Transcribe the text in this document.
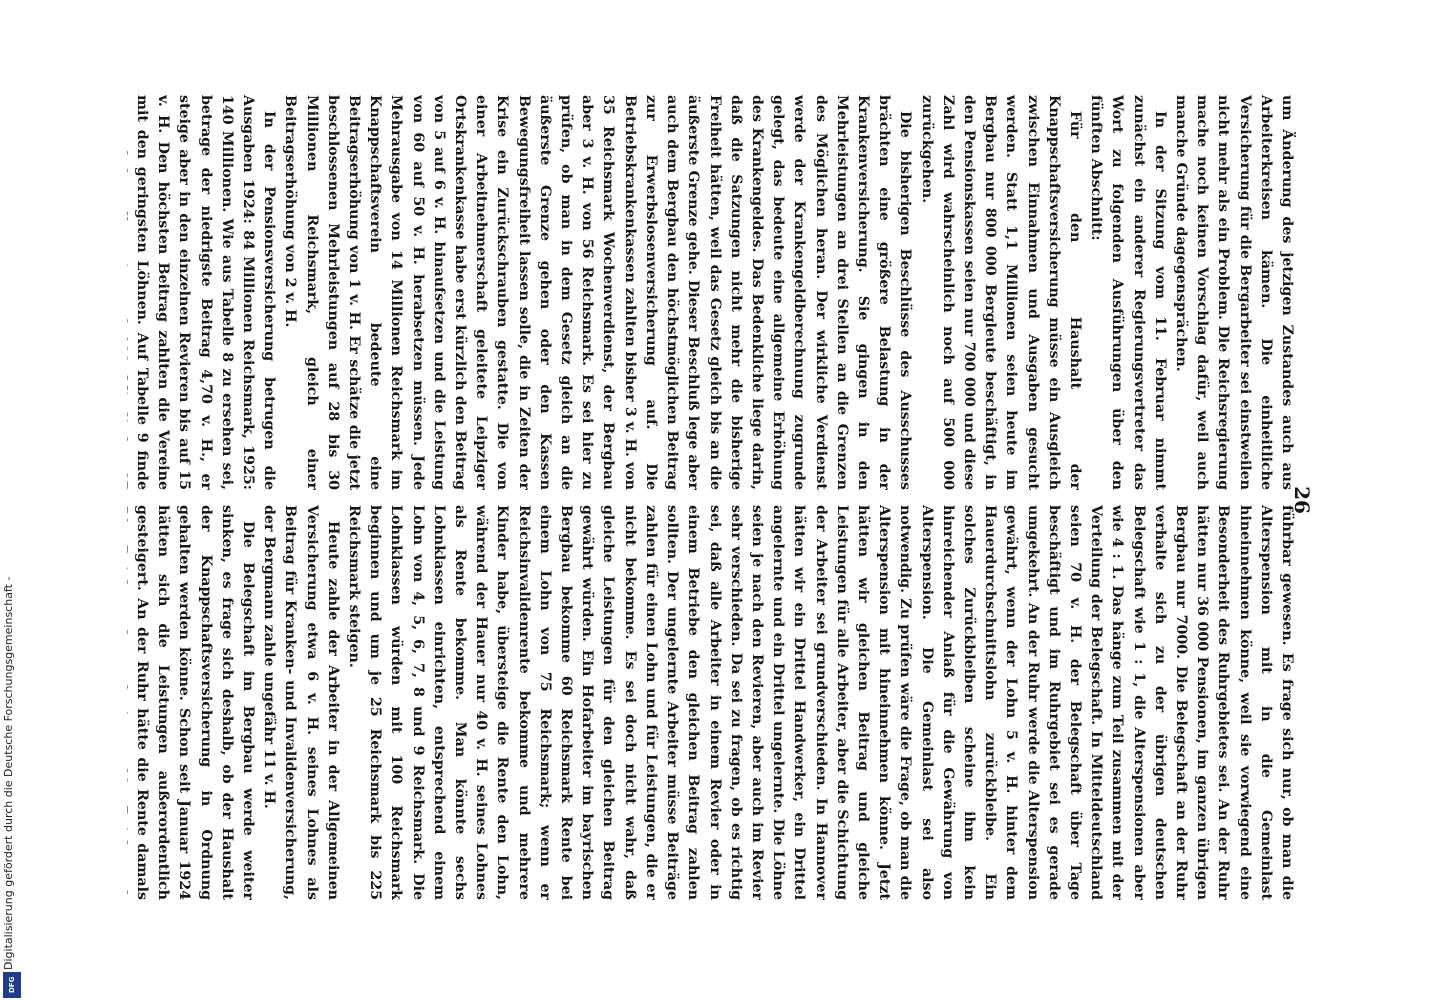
26

um Änderung des jetzigen Zustandes auch aus Arbeiterkreisen kämen. Die einheitliche Versicherung für die Bergarbeiter sei einstweilen nicht mehr als ein Problem. Die Reichsregierung mache noch keinen Vorschlag dafür, weil auch manche Gründe dagegensprächen.

In der Sitzung vom 11. Februar nimmt zunächst ein anderer Regierungsvertreter das Wort zu folgenden Ausführungen über den fünften Abschnitt:

Für den Haushalt der Knappschaftsversicherung müsse ein Ausgleich zwischen Einnahmen und Ausgaben gesucht werden. Statt 1,1 Millionen seien heute im Bergbau nur 800 000 Bergleute beschäftigt, in den Pensionskassen seien nur 700 000 und diese Zahl wird wahrscheinlich noch auf 500 000 zurückgehen.

Die bisherigen Beschlüsse des Ausschusses brächten eine größere Belastung in der Krankenversicherung. Sie gingen in den Mehrleistungen an drei Stellen an die Grenzen des Möglichen heran. Der wirkliche Verdienst werde der Krankengeldberechnung zugrunde gelegt, das bedeute eine allgemeine Erhöhung des Krankengeldes. Das Bedenkliche liege darin, daß die Satzungen nicht mehr die bisherige Freiheit hätten, weil das Gesetz gleich bis an die äußerste Grenze gehe. Dieser Beschluß lege aber auch dem Bergbau den höchstmöglichen Beitrag zur Erwerbslosenversicherung auf. Die Betriebskrankenkassen zahlten bisher 3 v. H. von 35 Reichsmark Wochenverdienst, der Bergbau aber 3 v. H. von 56 Reichsmark. Es sei hier zu prüfen, ob man in dem Gesetz gleich an die äußerste Grenze gehen oder den Kassen Bewegungsfreiheit lassen solle, die in Zeiten der Krise ein Zurückschrauben gestatte. Die von einer Arbeitnehmerschaft geleitete Leipziger Ortskrankenkasse habe erst kürzlich den Beitrag von 5 auf 6 v. H. hinaufsetzen und die Leistung von 60 auf 50 v. H. herabsetzen müssen. Jede Mehrausgabe von 14 Millionen Reichsmark im Knappschaftsverein bedeute eine Beitragserhöhung von 1 v. H. Er schätze die jetzt beschlossenen Mehrleistungen auf 28 bis 30 Millionen Reichsmark, gleich einer Beitragserhöhung von 2 v. H.

In der Pensionsversicherung betrugen die Ausgaben 1924: 84 Millionen Reichsmark, 1925: 140 Millionen. Wie aus Tabelle 8 zu ersehen sei, betrage der niedrigste Beitrag 4,70 v. H., er steige aber in den einzelnen Revieren bis auf 15 v. H. Den höchsten Beitrag zahlten die Vereine mit den geringsten Löhnen. Auf Tabelle 9 finde

führbar gewesen. Es frage sich nur, ob man die Alterspension mit in die Gemeinlast hineinnehmen könne, weil sie vorwiegend eine Besonderheit des Ruhrgebietes sei. An der Ruhr hätten nur 36 000 Pensionen, im ganzen übrigen Bergbau nur 7000. Die Belegschaft an der Ruhr verhalte sich zu der übrigen deutschen Belegschaft wie 1 : 1, die Alterspensionen aber wie 4 : 1. Das hänge zum Teil zusammen mit der Verteilung der Belegschaft. In Mitteldeutschland seien 70 v. H. der Belegschaft über Tage beschäftigt und im Ruhrgebiet sei es gerade umgekehrt. An der Ruhr werde die Alterspension gewährt, wenn der Lohn 5 v. H. hinter dem Hauerdurchschnittslohn zurückbleibe. Ein solches Zurückbleiben scheine ihm kein hinreichender Anlaß für die Gewährung von Alterspension. Die Gemeinlast sei also notwendig. Zu prüfen wäre die Frage, ob man die Alterspension mit hineinnehmen könne. Jetzt hätten wir gleichen Beitrag und gleiche Leistungen für alle Arbeiter, aber die Schichtung der Arbeiter sei grundverschieden. In Hannover hätten wir ein Drittel Handwerker, ein Drittel angelernte und ein Drittel ungelernte. Die Löhne seien je nach den Revieren, aber auch im Revier sehr verschieden. Da sei zu fragen, ob es richtig sei, daß alle Arbeiter in einem Revier oder in einem Betriebe den gleichen Beitrag zahlen sollten. Der ungelernte Arbeiter müsse Beiträge zahlen für einen Lohn und für Leistungen, die er nicht bekomme. Es sei doch nicht wahr, daß gleiche Leistungen für den gleichen Beitrag gewährt würden. Ein Hofarbeiter im bayrischen Bergbau bekomme 60 Reichsmark Rente bei einem Lohn von 75 Reichsmark; wenn er Reichsinvalidenrente bekomme und mehrere Kinder habe, übersteige die Rente den Lohn, während der Hauer nur 40 v. H. seines Lohnes als Rente bekomme. Man könnte sechs Lohnklassen einrichten, entsprechend einem Lohn von 4, 5, 6, 7, 8 und 9 Reichsmark. Die Lohnklassen würden mit 100 Reichsmark beginnen und um je 25 Reichsmark bis 225 Reichsmark steigen.

Heute zahle der Arbeiter in der Allgemeinen Versicherung etwa 6 v. H. seines Lohnes als Beitrag für Kranken- und Invalidenversicherung, der Bergmann zahle ungefähr 11 v. H.

Die Belegschaft im Bergbau werde weiter sinken, es frage sich deshalb, ob der Haushalt der Knappschaftsversicherung in Ordnung gehalten werden könne. Schon seit Januar 1924 hätten sich die Leistungen außerordentlich gesteigert. An der Ruhr hätte die Rente damals

Digitalisierung gefördert durch die Deutsche Forschungsgemeinschaft -
DFG
